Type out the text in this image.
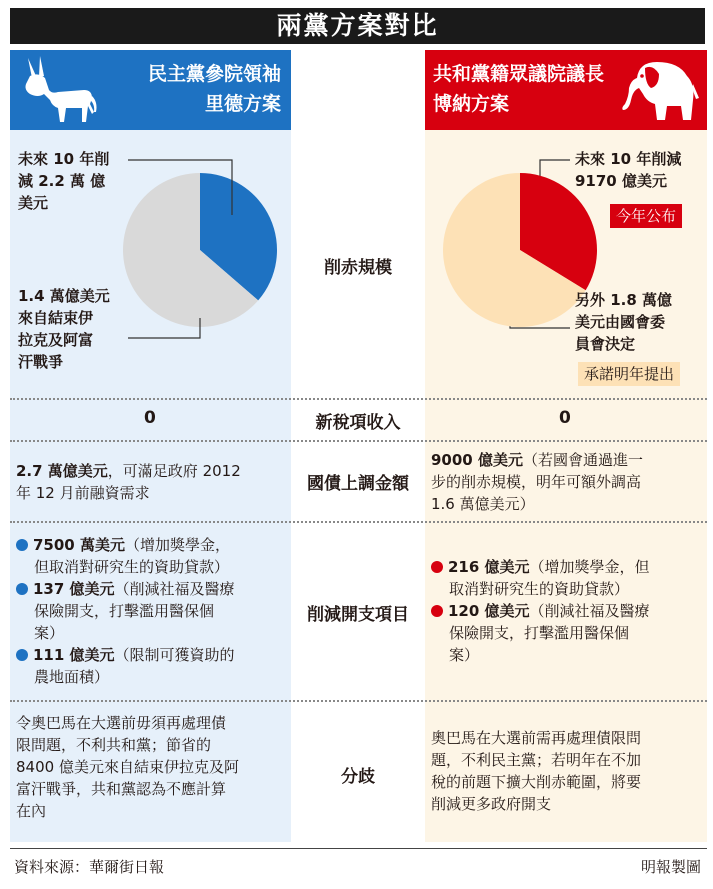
兩黨方案對比
民主黨參院領袖
里德方案
共和黨籍眾議院議長
博納方案
削赤規模
新稅項收入
國債上調金額
削減開支項目
分歧
未來 10 年削
減 2.2 萬 億
美元
1.4 萬億美元
來自結束伊
拉克及阿富
汗戰爭
未來 10 年削減
9170 億美元
今年公布
另外 1.8 萬億
美元由國會委
員會決定
承諾明年提出
0	0
2.7 萬億美元，可滿足政府 2012
年 12 月前融資需求
9000 億美元（若國會通過進一
步的削赤規模，明年可額外調高
1.6 萬億美元）
7500 萬美元（增加獎學金，
但取消對研究生的資助貸款）
137 億美元（削減社福及醫療
保險開支，打擊濫用醫保個
案）
111 億美元（限制可獲資助的
農地面積）
216 億美元（增加獎學金，但
取消對研究生的資助貸款）
120 億美元（削減社福及醫療
保險開支，打擊濫用醫保個
案）
令奧巴馬在大選前毋須再處理債
限問題，不利共和黨；節省的
8400 億美元來自結束伊拉克及阿
富汗戰爭，共和黨認為不應計算
在內
奧巴馬在大選前需再處理債限問
題，不利民主黨；若明年在不加
稅的前題下擴大削赤範圍，將要
削減更多政府開支
資料來源：華爾街日報	明報製圖
